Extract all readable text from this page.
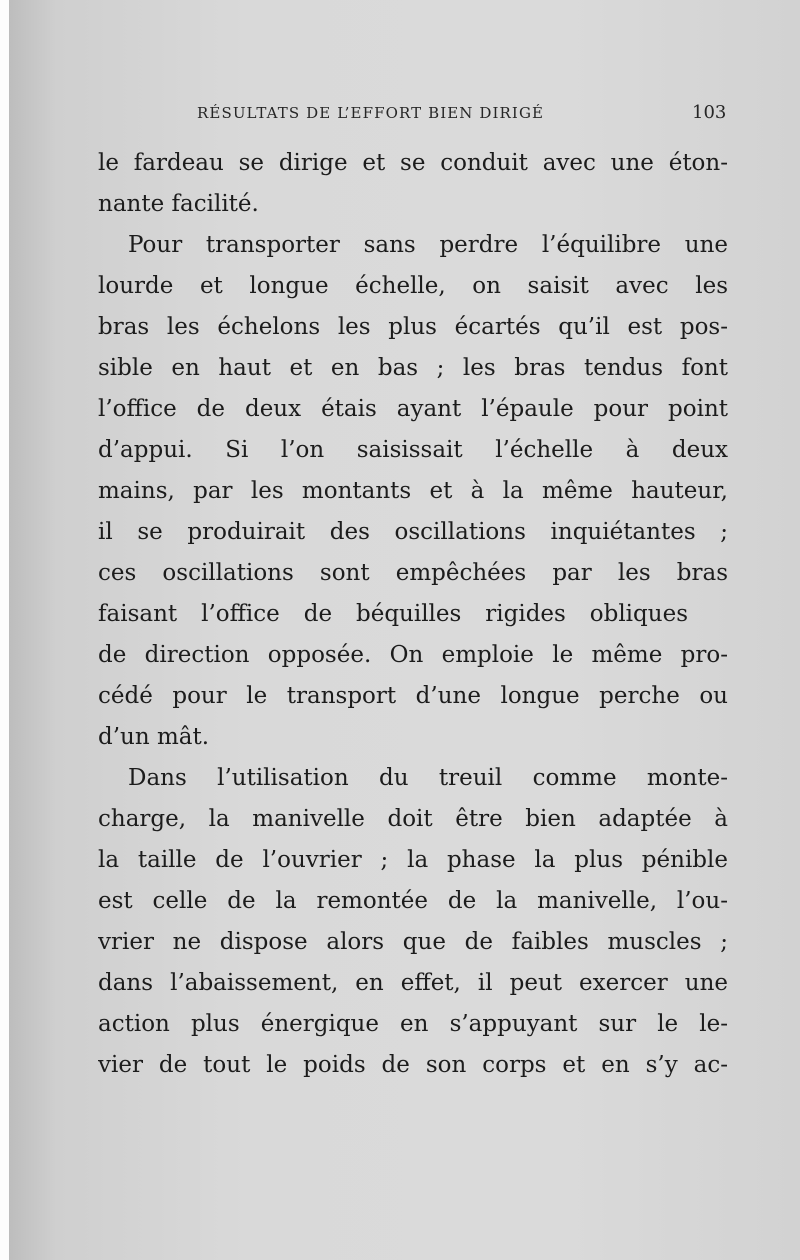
RÉSULTATS DE L’EFFORT BIEN DIRIGÉ	103
le fardeau se dirige et se conduit avec une éton-
nante facilité.
Pour transporter sans perdre l’équilibre une
lourde et longue échelle, on saisit avec les
bras les échelons les plus écartés qu’il est pos-
sible en haut et en bas ; les bras tendus font
l’office de deux étais ayant l’épaule pour point
d’appui. Si l’on saisissait l’échelle à deux
mains, par les montants et à la même hauteur,
il se produirait des oscillations inquiétantes ;
ces oscillations sont empêchées par les bras
faisant l’office de béquilles rigides obliques
de direction opposée. On emploie le même pro-
cédé pour le transport d’une longue perche ou
d’un mât.
Dans l’utilisation du treuil comme monte-
charge, la manivelle doit être bien adaptée à
la taille de l’ouvrier ; la phase la plus pénible
est celle de la remontée de la manivelle, l’ou-
vrier ne dispose alors que de faibles muscles ;
dans l’abaissement, en effet, il peut exercer une
action plus énergique en s’appuyant sur le le-
vier de tout le poids de son corps et en s’y ac-
